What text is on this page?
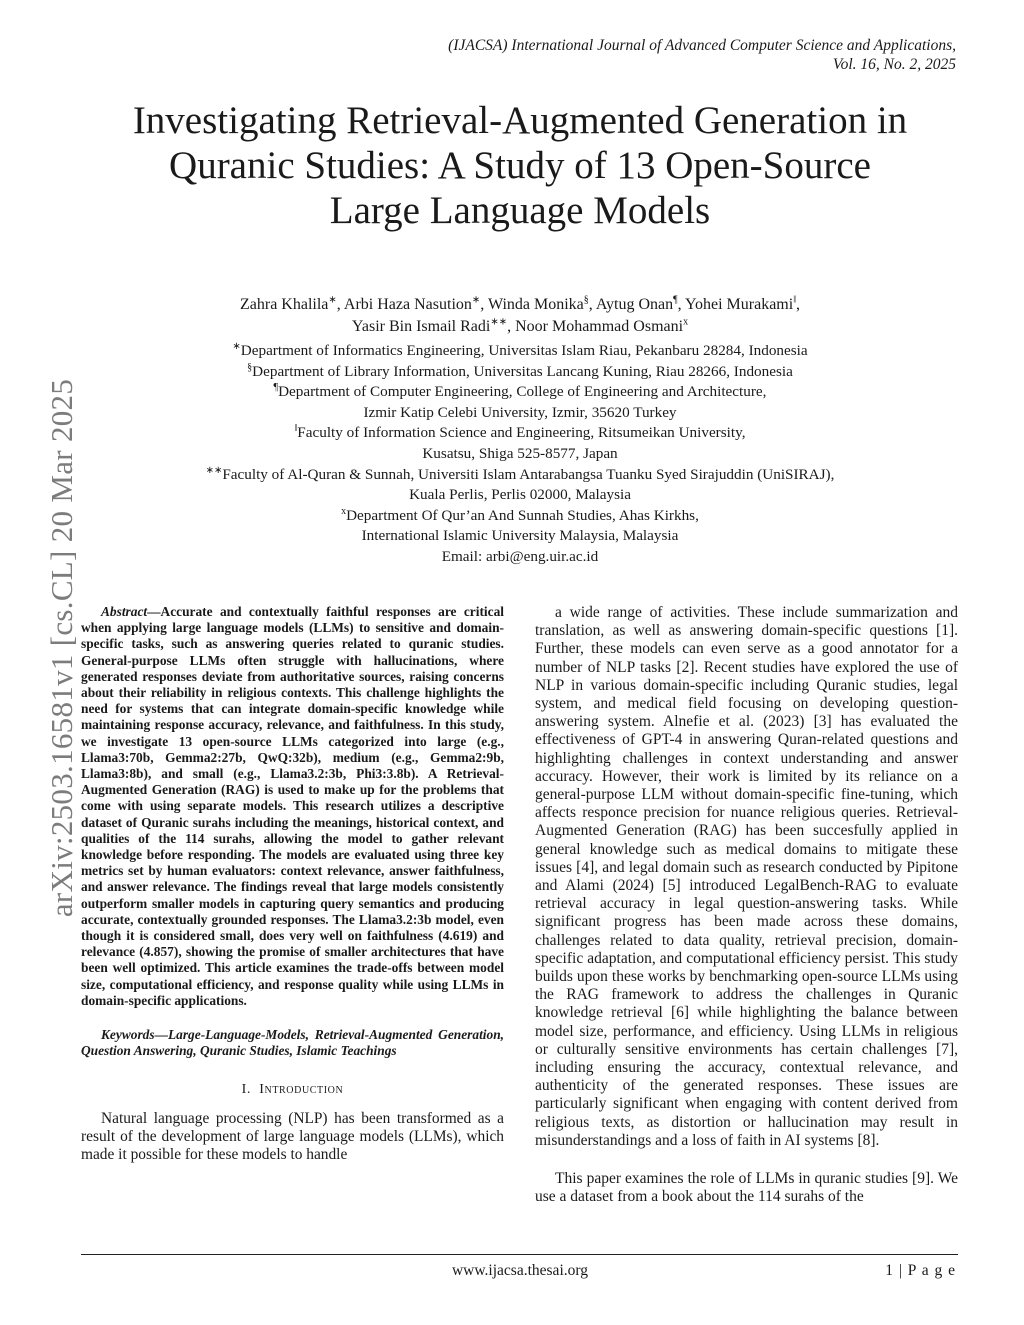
(IJACSA) International Journal of Advanced Computer Science and Applications,
Vol. 16, No. 2, 2025
Investigating Retrieval-Augmented Generation in
Quranic Studies: A Study of 13 Open-Source
Large Language Models
Zahra Khalila∗, Arbi Haza Nasution∗, Winda Monika§, Aytug Onan¶, Yohei Murakami‖,
Yasir Bin Ismail Radi∗∗, Noor Mohammad Osmani$^x$
∗Department of Informatics Engineering, Universitas Islam Riau, Pekanbaru 28284, Indonesia
§Department of Library Information, Universitas Lancang Kuning, Riau 28266, Indonesia
¶Department of Computer Engineering, College of Engineering and Architecture,
Izmir Katip Celebi University, Izmir, 35620 Turkey
‖Faculty of Information Science and Engineering, Ritsumeikan University,
Kusatsu, Shiga 525-8577, Japan
∗∗Faculty of Al-Quran & Sunnah, Universiti Islam Antarabangsa Tuanku Syed Sirajuddin (UniSIRAJ),
Kuala Perlis, Perlis 02000, Malaysia
$^x$Department Of Qur’an And Sunnah Studies, Ahas Kirkhs,
International Islamic University Malaysia, Malaysia
Email: arbi@eng.uir.ac.id
arXiv:2503.16581v1 [cs.CL] 20 Mar 2025	Abstract—Accurate and contextually faithful responses are critical when applying large language models (LLMs) to sensitive and domain-specific tasks, such as answering queries related to quranic studies. General-purpose LLMs often struggle with hallucinations, where generated responses deviate from authoritative sources, raising concerns about their reliability in religious contexts. This challenge highlights the need for systems that can integrate domain-specific knowledge while maintaining response accuracy, relevance, and faithfulness. In this study, we investigate 13 open-source LLMs categorized into large (e.g., Llama3:70b, Gemma2:27b, QwQ:32b), medium (e.g., Gemma2:9b, Llama3:8b), and small (e.g., Llama3.2:3b, Phi3:3.8b). A Retrieval-Augmented Generation (RAG) is used to make up for the problems that come with using separate models. This research utilizes a descriptive dataset of Quranic surahs including the meanings, historical context, and qualities of the 114 surahs, allowing the model to gather relevant knowledge before responding. The models are evaluated using three key metrics set by human evaluators: context relevance, answer faithfulness, and answer relevance. The findings reveal that large models consistently outperform smaller models in capturing query semantics and producing accurate, contextually grounded responses. The Llama3.2:3b model, even though it is considered small, does very well on faithfulness (4.619) and relevance (4.857), showing the promise of smaller architectures that have been well optimized. This article examines the trade-offs between model size, computational efficiency, and response quality while using LLMs in domain-specific applications.

Keywords—Large-Language-Models, Retrieval-Augmented Generation, Question Answering, Quranic Studies, Islamic Teachings

I. Introduction

Natural language processing (NLP) has been transformed as a result of the development of large language models (LLMs), which made it possible for these models to handle

a wide range of activities. These include summarization and translation, as well as answering domain-specific questions [1]. Further, these models can even serve as a good annotator for a number of NLP tasks [2]. Recent studies have explored the use of NLP in various domain-specific including Quranic studies, legal system, and medical field focusing on developing question-answering system. Alnefie et al. (2023) [3] has evaluated the effectiveness of GPT-4 in answering Quran-related questions and highlighting challenges in context understanding and answer accuracy. However, their work is limited by its reliance on a general-purpose LLM without domain-specific fine-tuning, which affects responce precision for nuance religious queries. Retrieval-Augmented Generation (RAG) has been succesfully applied in general knowledge such as medical domains to mitigate these issues [4], and legal domain such as research conducted by Pipitone and Alami (2024) [5] introduced LegalBench-RAG to evaluate retrieval accuracy in legal question-answering tasks. While significant progress has been made across these domains, challenges related to data quality, retrieval precision, domain-specific adaptation, and computational efficiency persist. This study builds upon these works by benchmarking open-source LLMs using the RAG framework to address the challenges in Quranic knowledge retrieval [6] while highlighting the balance between model size, performance, and efficiency. Using LLMs in religious or culturally sensitive environments has certain challenges [7], including ensuring the accuracy, contextual relevance, and authenticity of the generated responses. These issues are particularly significant when engaging with content derived from religious texts, as distortion or hallucination may result in misunderstandings and a loss of faith in AI systems [8].

This paper examines the role of LLMs in quranic studies [9]. We use a dataset from a book about the 114 surahs of the

www.ijacsa.thesai.org	1 | P a g e
